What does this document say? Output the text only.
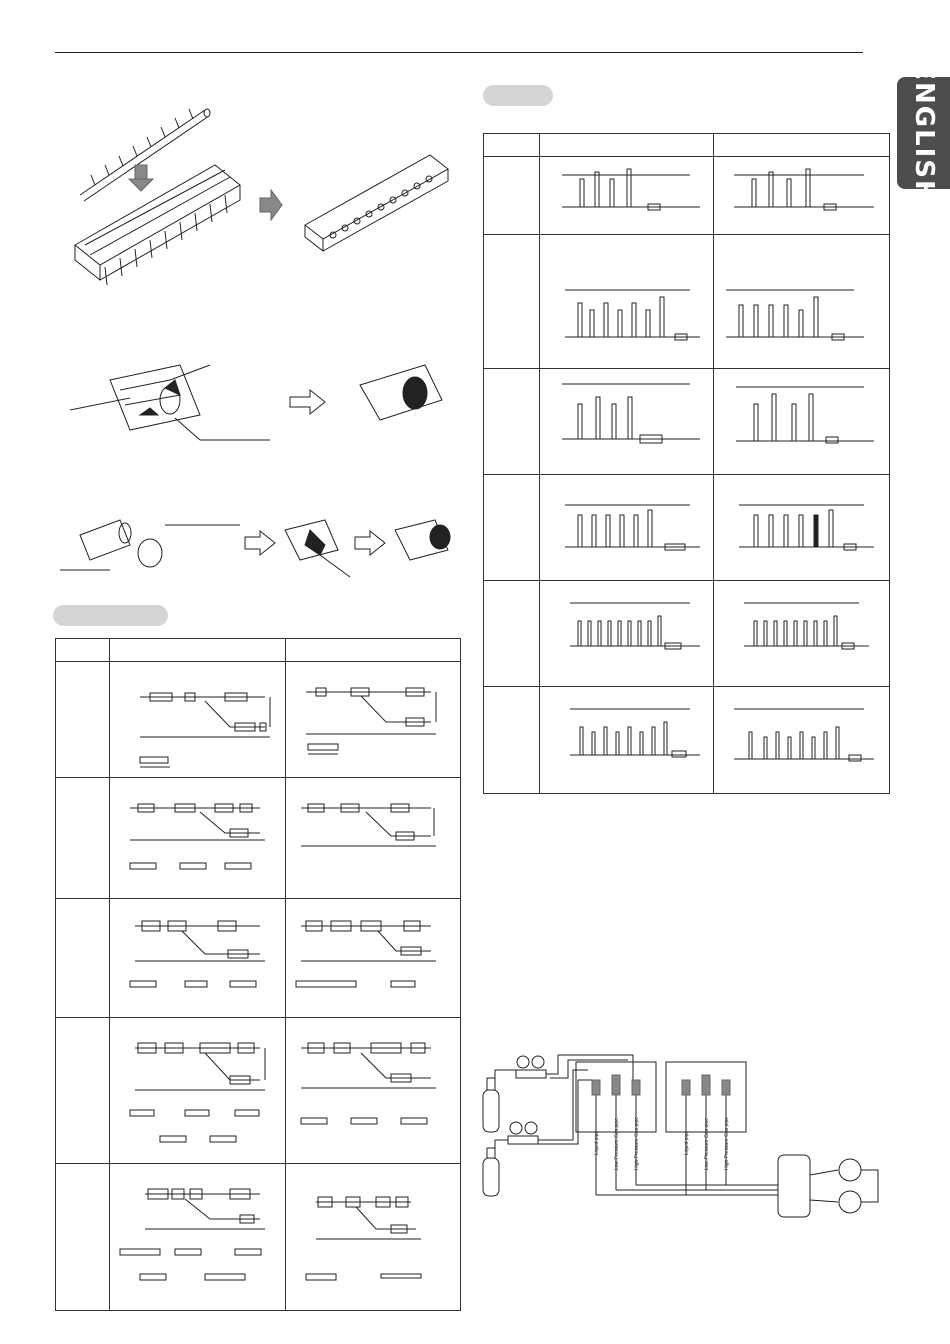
ENGLISH

Liquid pipe	Low Pressure Gas pipe	High Pressure Gas pipe	Liquid pipe	Low Pressure Gas pipe	High Pressure Gas pipe
